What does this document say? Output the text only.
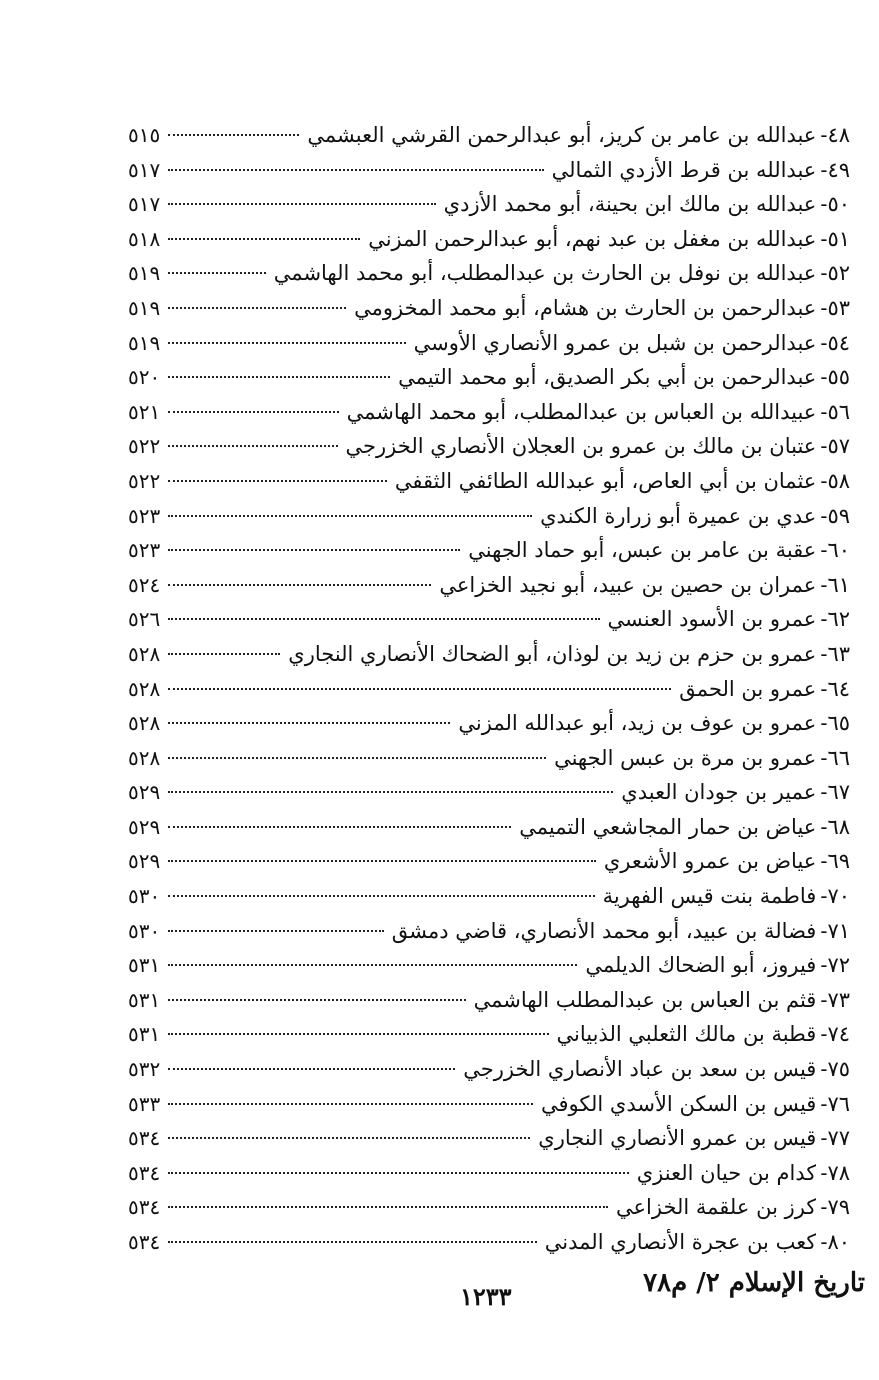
٤٨-
عبدالله بن عامر بن كريز، أبو عبدالرحمن القرشي العبشمي
٥١٥
٤٩-
عبدالله بن قرط الأزدي الثمالي
٥١٧
٥٠-
عبدالله بن مالك ابن بحينة، أبو محمد الأزدي
٥١٧
٥١-
عبدالله بن مغفل بن عبد نهم، أبو عبدالرحمن المزني
٥١٨
٥٢-
عبدالله بن نوفل بن الحارث بن عبدالمطلب، أبو محمد الهاشمي
٥١٩
٥٣-
عبدالرحمن بن الحارث بن هشام، أبو محمد المخزومي
٥١٩
٥٤-
عبدالرحمن بن شبل بن عمرو الأنصاري الأوسي
٥١٩
٥٥-
عبدالرحمن بن أبي بكر الصديق، أبو محمد التيمي
٥٢٠
٥٦-
عبيدالله بن العباس بن عبدالمطلب، أبو محمد الهاشمي
٥٢١
٥٧-
عتبان بن مالك بن عمرو بن العجلان الأنصاري الخزرجي
٥٢٢
٥٨-
عثمان بن أبي العاص، أبو عبدالله الطائفي الثقفي
٥٢٢
٥٩-
عدي بن عميرة أبو زرارة الكندي
٥٢٣
٦٠-
عقبة بن عامر بن عبس، أبو حماد الجهني
٥٢٣
٦١-
عمران بن حصين بن عبيد، أبو نجيد الخزاعي
٥٢٤
٦٢-
عمرو بن الأسود العنسي
٥٢٦
٦٣-
عمرو بن حزم بن زيد بن لوذان، أبو الضحاك الأنصاري النجاري
٥٢٨
٦٤-
عمرو بن الحمق
٥٢٨
٦٥-
عمرو بن عوف بن زيد، أبو عبدالله المزني
٥٢٨
٦٦-
عمرو بن مرة بن عبس الجهني
٥٢٨
٦٧-
عمير بن جودان العبدي
٥٢٩
٦٨-
عياض بن حمار المجاشعي التميمي
٥٢٩
٦٩-
عياض بن عمرو الأشعري
٥٢٩
٧٠-
فاطمة بنت قيس الفهرية
٥٣٠
٧١-
فضالة بن عبيد، أبو محمد الأنصاري، قاضي دمشق
٥٣٠
٧٢-
فيروز، أبو الضحاك الديلمي
٥٣١
٧٣-
قثم بن العباس بن عبدالمطلب الهاشمي
٥٣١
٧٤-
قطبة بن مالك الثعلبي الذبياني
٥٣١
٧٥-
قيس بن سعد بن عباد الأنصاري الخزرجي
٥٣٢
٧٦-
قيس بن السكن الأسدي الكوفي
٥٣٣
٧٧-
قيس بن عمرو الأنصاري النجاري
٥٣٤
٧٨-
كدام بن حيان العنزي
٥٣٤
٧٩-
كرز بن علقمة الخزاعي
٥٣٤
٨٠-
كعب بن عجرة الأنصاري المدني
٥٣٤
تاريخ الإسلام ٢/ م٧٨
١٢٣٣
